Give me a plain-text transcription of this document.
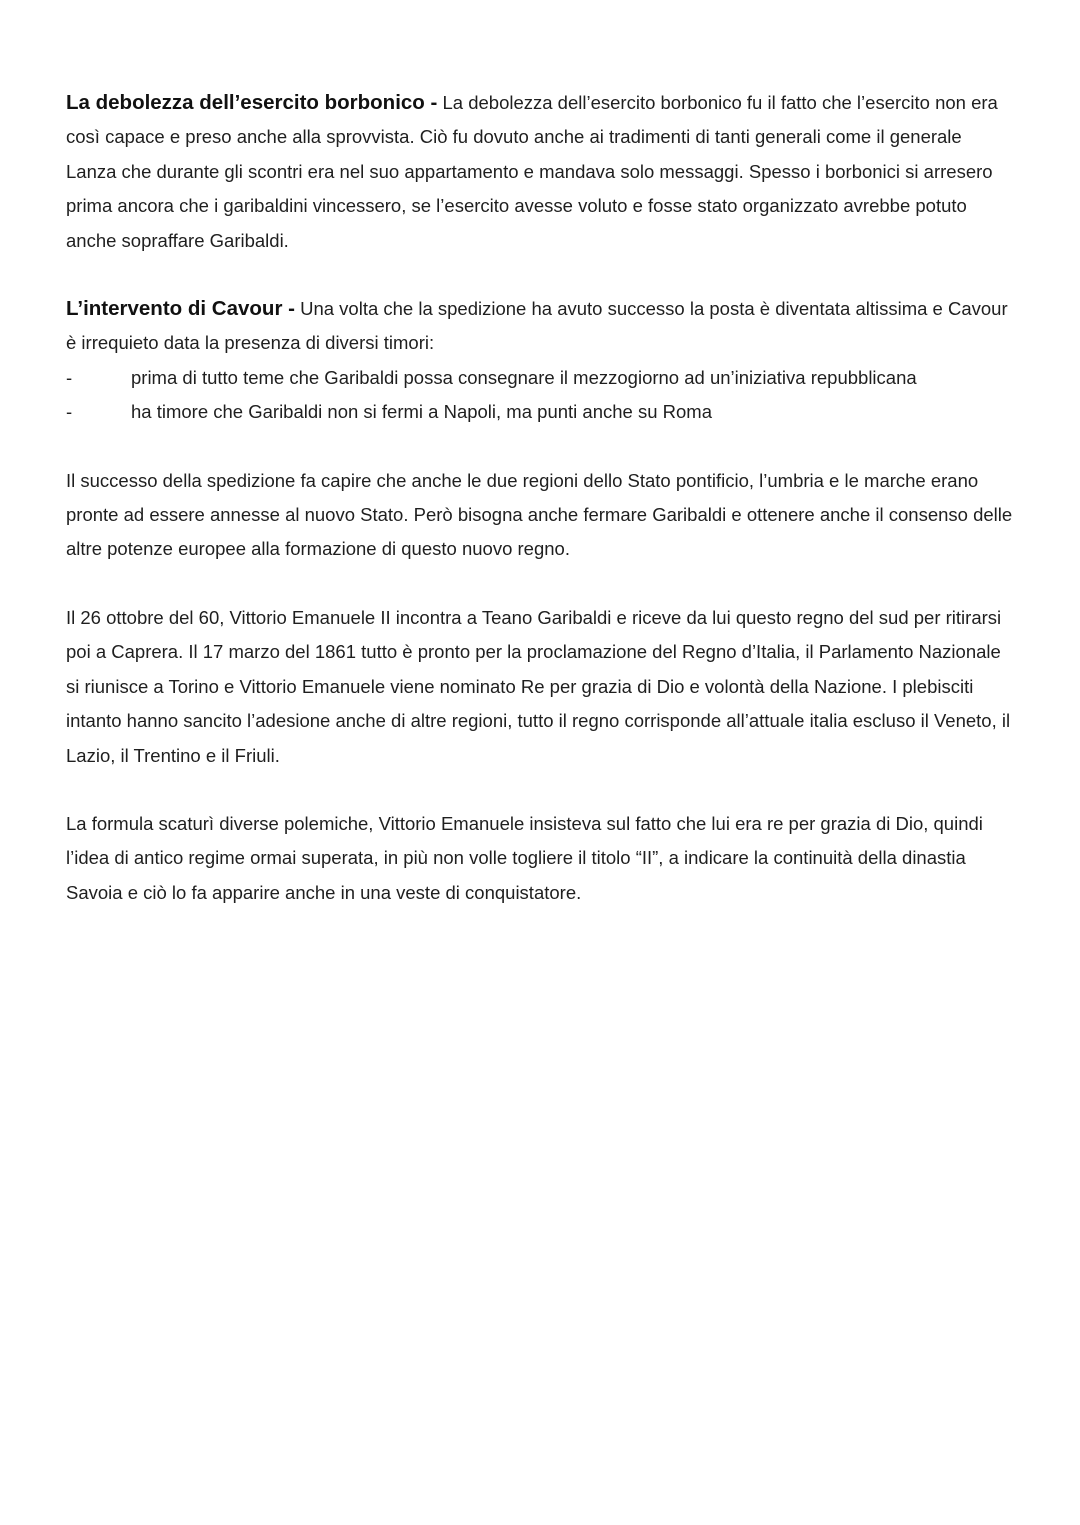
La debolezza dell’esercito borbonico - La debolezza dell’esercito borbonico fu il fatto che l’esercito non era così capace e preso anche alla sprovvista. Ciò fu dovuto anche ai tradimenti di tanti generali come il generale Lanza che durante gli scontri era nel suo appartamento e mandava solo messaggi. Spesso i borbonici si arresero prima ancora che i garibaldini vincessero, se l’esercito avesse voluto e fosse stato organizzato avrebbe potuto anche sopraffare Garibaldi.

L’intervento di Cavour - Una volta che la spedizione ha avuto successo la posta è diventata altissima e Cavour è irrequieto data la presenza di diversi timori:

-	prima di tutto teme che Garibaldi possa consegnare il mezzogiorno ad un’iniziativa repubblicana
-	ha timore che Garibaldi non si fermi a Napoli, ma punti anche su Roma

Il successo della spedizione fa capire che anche le due regioni dello Stato pontificio, l’umbria e le marche erano pronte ad essere annesse al nuovo Stato. Però bisogna anche fermare Garibaldi e ottenere anche il consenso delle altre potenze europee alla formazione di questo nuovo regno.

Il 26 ottobre del 60, Vittorio Emanuele II incontra a Teano Garibaldi e riceve da lui questo regno del sud per ritirarsi poi a Caprera. Il 17 marzo del 1861 tutto è pronto per la proclamazione del Regno d’Italia, il Parlamento Nazionale si riunisce a Torino e Vittorio Emanuele viene nominato Re per grazia di Dio e volontà della Nazione. I plebisciti intanto hanno sancito l’adesione anche di altre regioni, tutto il regno corrisponde all’attuale italia escluso il Veneto, il Lazio, il Trentino e il Friuli.

La formula scaturì diverse polemiche, Vittorio Emanuele insisteva sul fatto che lui era re per grazia di Dio, quindi l’idea di antico regime ormai superata, in più non volle togliere il titolo “II”, a indicare la continuità della dinastia Savoia e ciò lo fa apparire anche in una veste di conquistatore.
